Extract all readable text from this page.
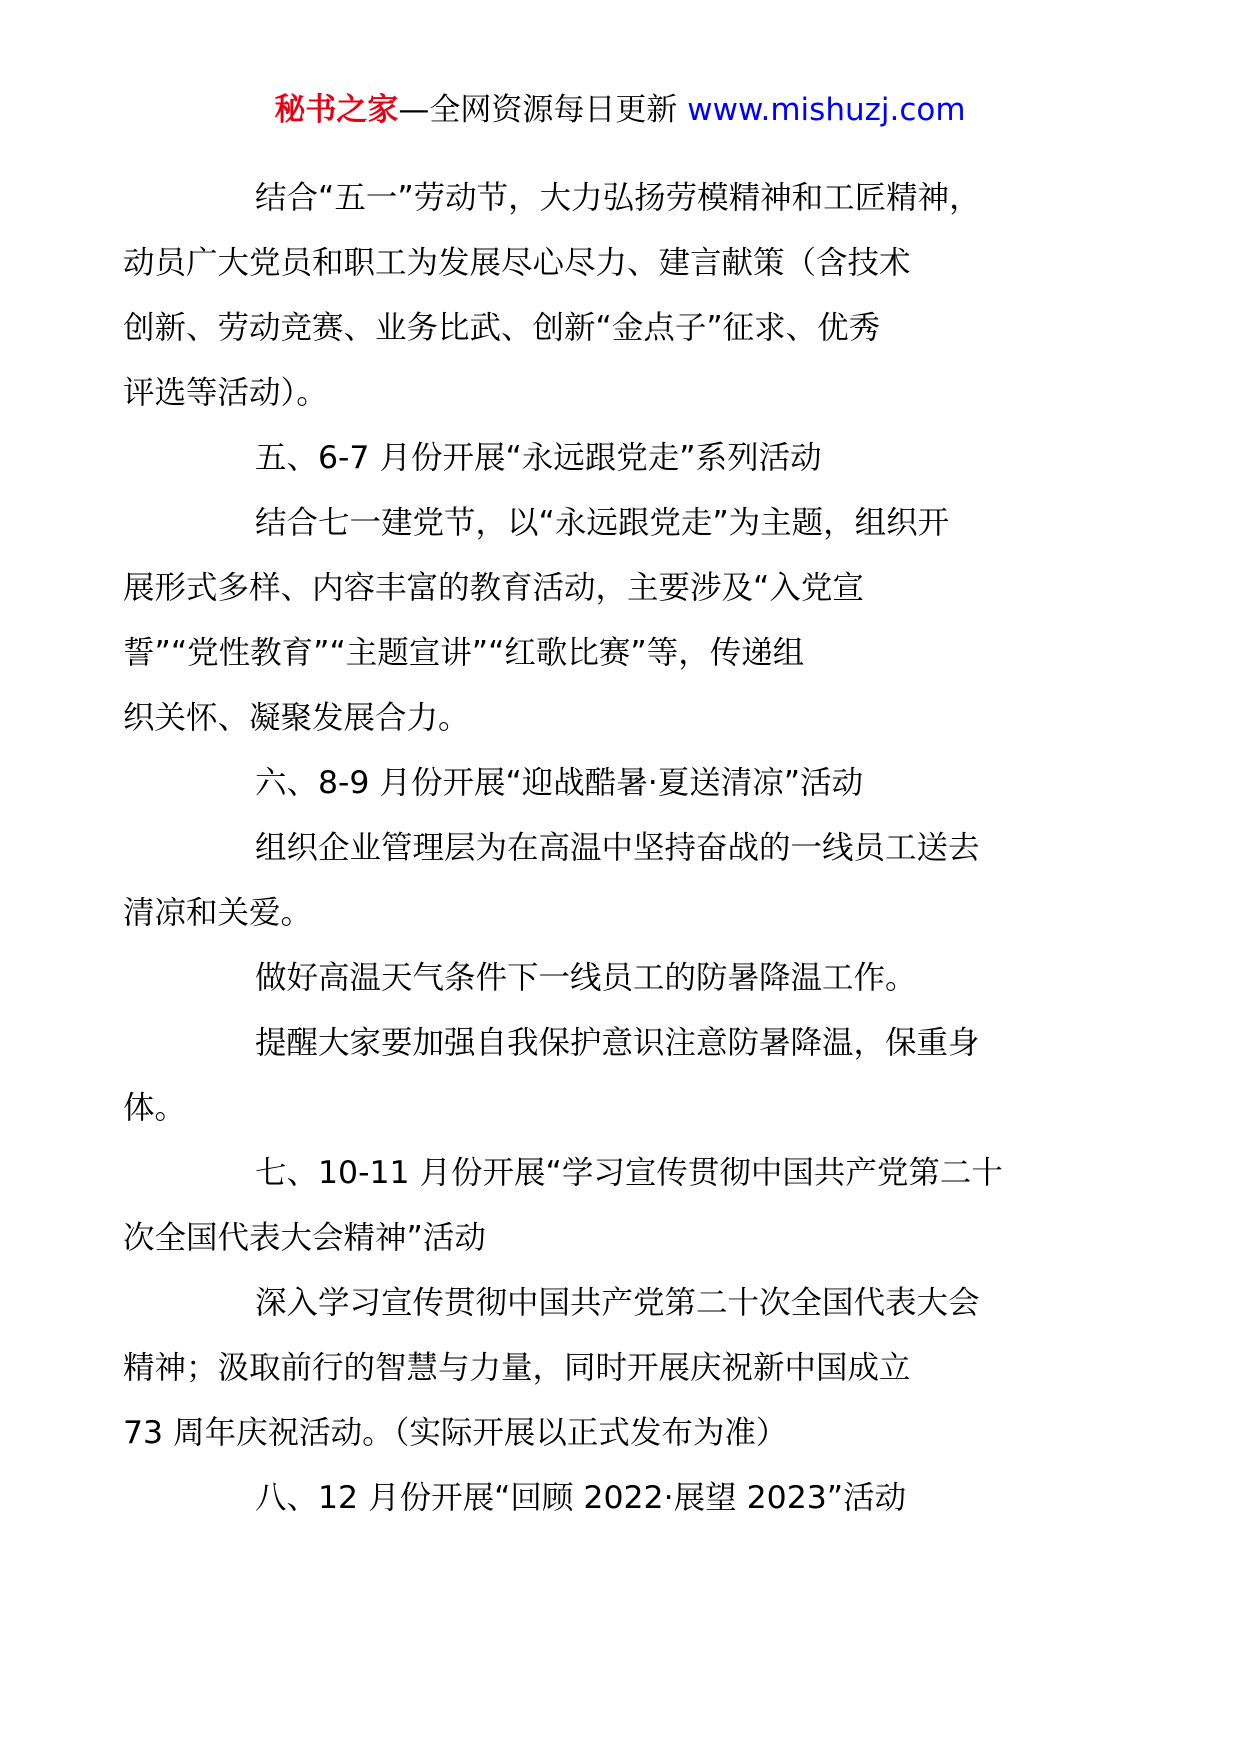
秘书之家—全网资源每日更新 www.mishuzj.com

结合“五一”劳动节，大力弘扬劳模精神和工匠精神，
动员广大党员和职工为发展尽心尽力、建言献策（含技术
创新、劳动竞赛、业务比武、创新“金点子”征求、优秀
评选等活动）。

五、6-7 月份开展“永远跟党走”系列活动

结合七一建党节，以“永远跟党走”为主题，组织开
展形式多样、内容丰富的教育活动，主要涉及“入党宣
誓”“党性教育”“主题宣讲”“红歌比赛”等，传递组
织关怀、凝聚发展合力。

六、8-9 月份开展“迎战酷暑·夏送清凉”活动

组织企业管理层为在高温中坚持奋战的一线员工送去
清凉和关爱。

做好高温天气条件下一线员工的防暑降温工作。

提醒大家要加强自我保护意识注意防暑降温，保重身
体。

七、10-11 月份开展“学习宣传贯彻中国共产党第二十
次全国代表大会精神”活动

深入学习宣传贯彻中国共产党第二十次全国代表大会
精神；汲取前行的智慧与力量，同时开展庆祝新中国成立
73 周年庆祝活动。（实际开展以正式发布为准）

八、12 月份开展“回顾 2022·展望 2023”活动
